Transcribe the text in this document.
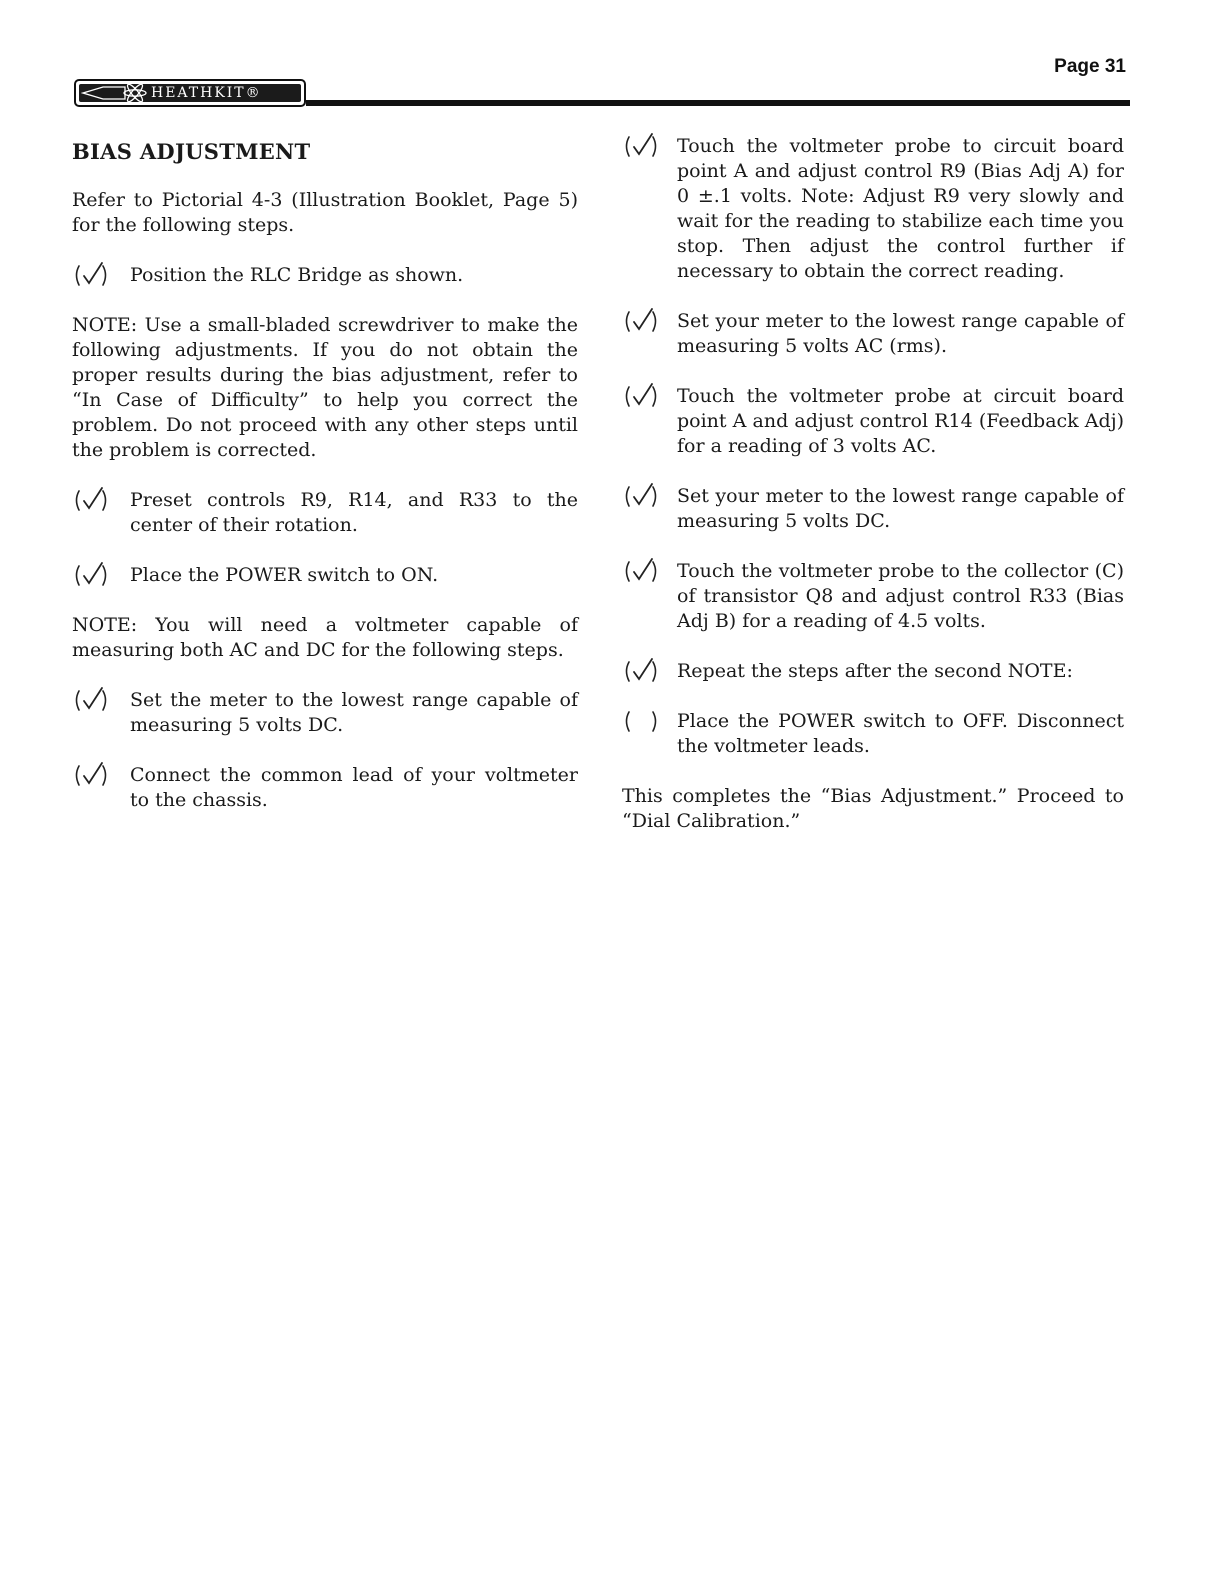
Page 31
HEATHKIT®
BIAS ADJUSTMENT

Refer to Pictorial 4-3 (Illustration Booklet, Page 5) for the following steps.

Position the RLC Bridge as shown.

NOTE: Use a small-bladed screwdriver to make the following adjustments. If you do not obtain the proper results during the bias adjustment, refer to “In Case of Difficulty” to help you correct the problem. Do not proceed with any other steps until the problem is corrected.

Preset controls R9, R14, and R33 to the center of their rotation.
Place the POWER switch to ON.

NOTE: You will need a voltmeter capable of measuring both AC and DC for the following steps.

Set the meter to the lowest range capable of measuring 5 volts DC.
Connect the common lead of your voltmeter to the chassis.
Touch the voltmeter probe to circuit board point A and adjust control R9 (Bias Adj A) for 0 ±.1 volts. Note: Adjust R9 very slowly and wait for the reading to stabilize each time you stop. Then adjust the control further if necessary to obtain the correct reading.
Set your meter to the lowest range capable of measuring 5 volts AC (rms).
Touch the voltmeter probe at circuit board point A and adjust control R14 (Feedback Adj) for a reading of 3 volts AC.
Set your meter to the lowest range capable of measuring 5 volts DC.
Touch the voltmeter probe to the collector (C) of transistor Q8 and adjust control R33 (Bias Adj B) for a reading of 4.5 volts.
Repeat the steps after the second NOTE:
Place the POWER switch to OFF. Disconnect the voltmeter leads.

This completes the “Bias Adjustment.” Proceed to “Dial Calibration.”
